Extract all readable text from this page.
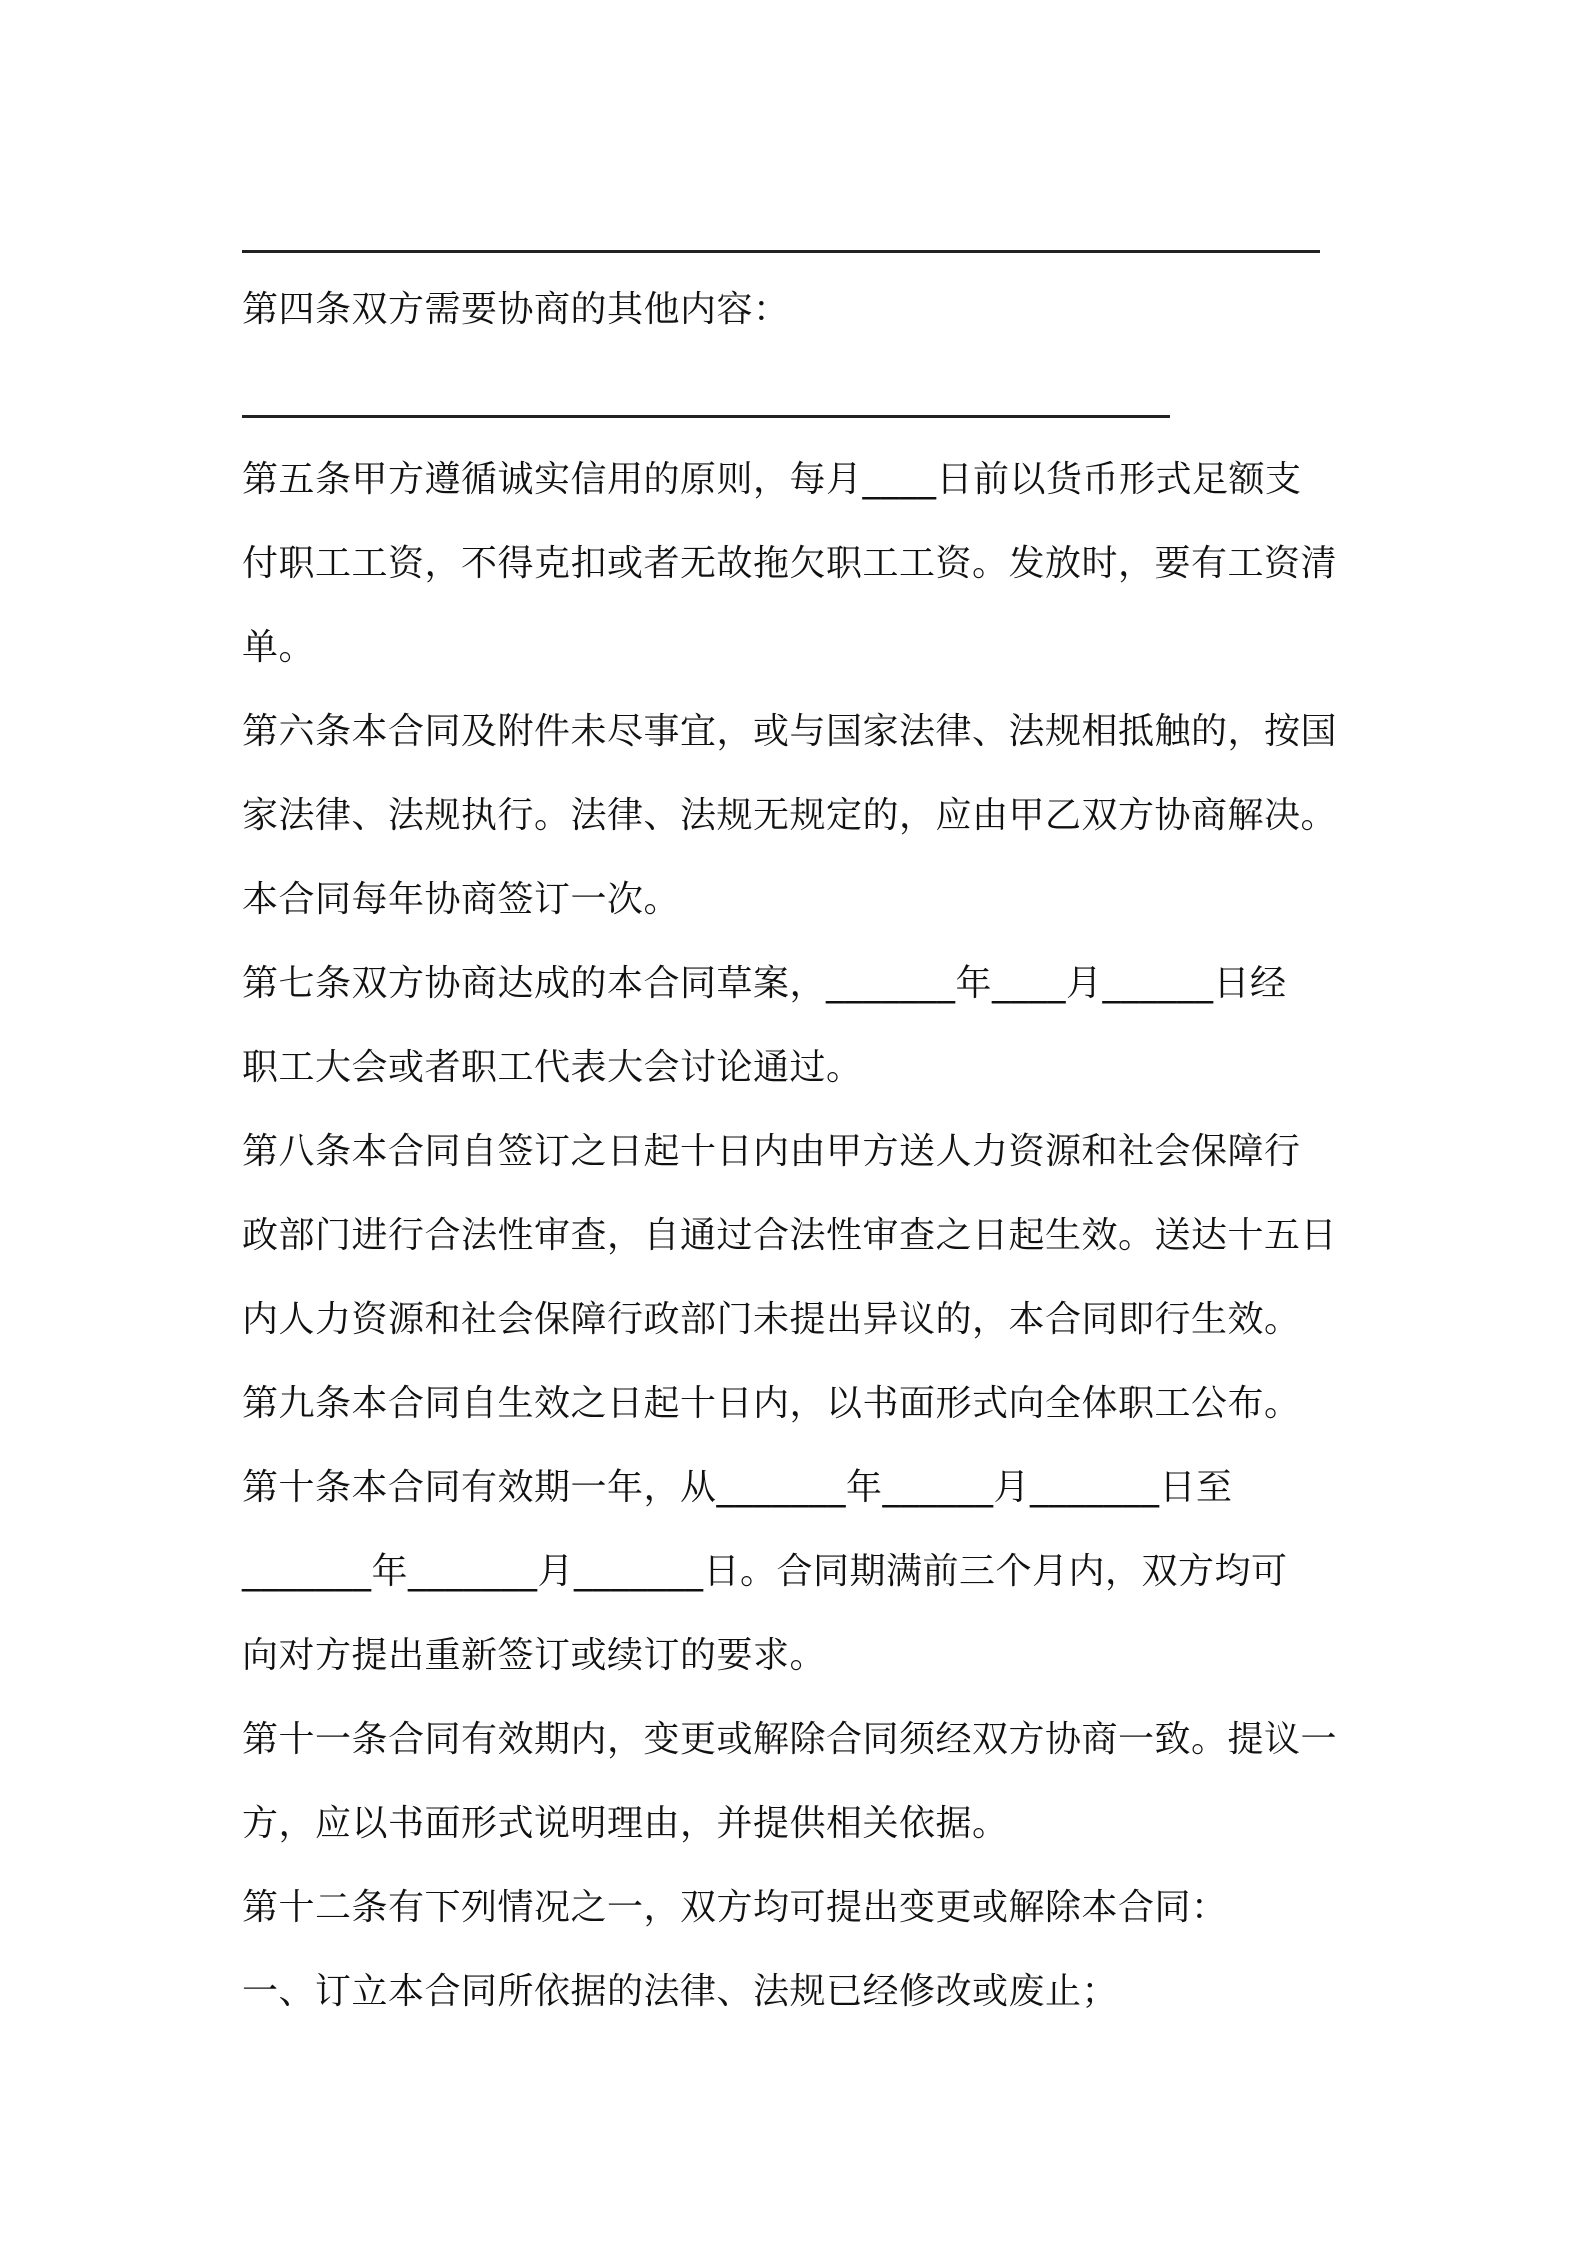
第四条双方需要协商的其他内容：
第五条甲方遵循诚实信用的原则，每月____日前以货币形式足额支
付职工工资，不得克扣或者无故拖欠职工工资。发放时，要有工资清
单。
第六条本合同及附件未尽事宜，或与国家法律、法规相抵触的，按国
家法律、法规执行。法律、法规无规定的，应由甲乙双方协商解决。
本合同每年协商签订一次。
第七条双方协商达成的本合同草案，_______年____月______日经
职工大会或者职工代表大会讨论通过。
第八条本合同自签订之日起十日内由甲方送人力资源和社会保障行
政部门进行合法性审查，自通过合法性审查之日起生效。送达十五日
内人力资源和社会保障行政部门未提出异议的，本合同即行生效。
第九条本合同自生效之日起十日内，以书面形式向全体职工公布。
第十条本合同有效期一年，从_______年______月_______日至
_______年_______月_______日。合同期满前三个月内，双方均可
向对方提出重新签订或续订的要求。
第十一条合同有效期内，变更或解除合同须经双方协商一致。提议一
方，应以书面形式说明理由，并提供相关依据。
第十二条有下列情况之一，双方均可提出变更或解除本合同：
一、订立本合同所依据的法律、法规已经修改或废止；
